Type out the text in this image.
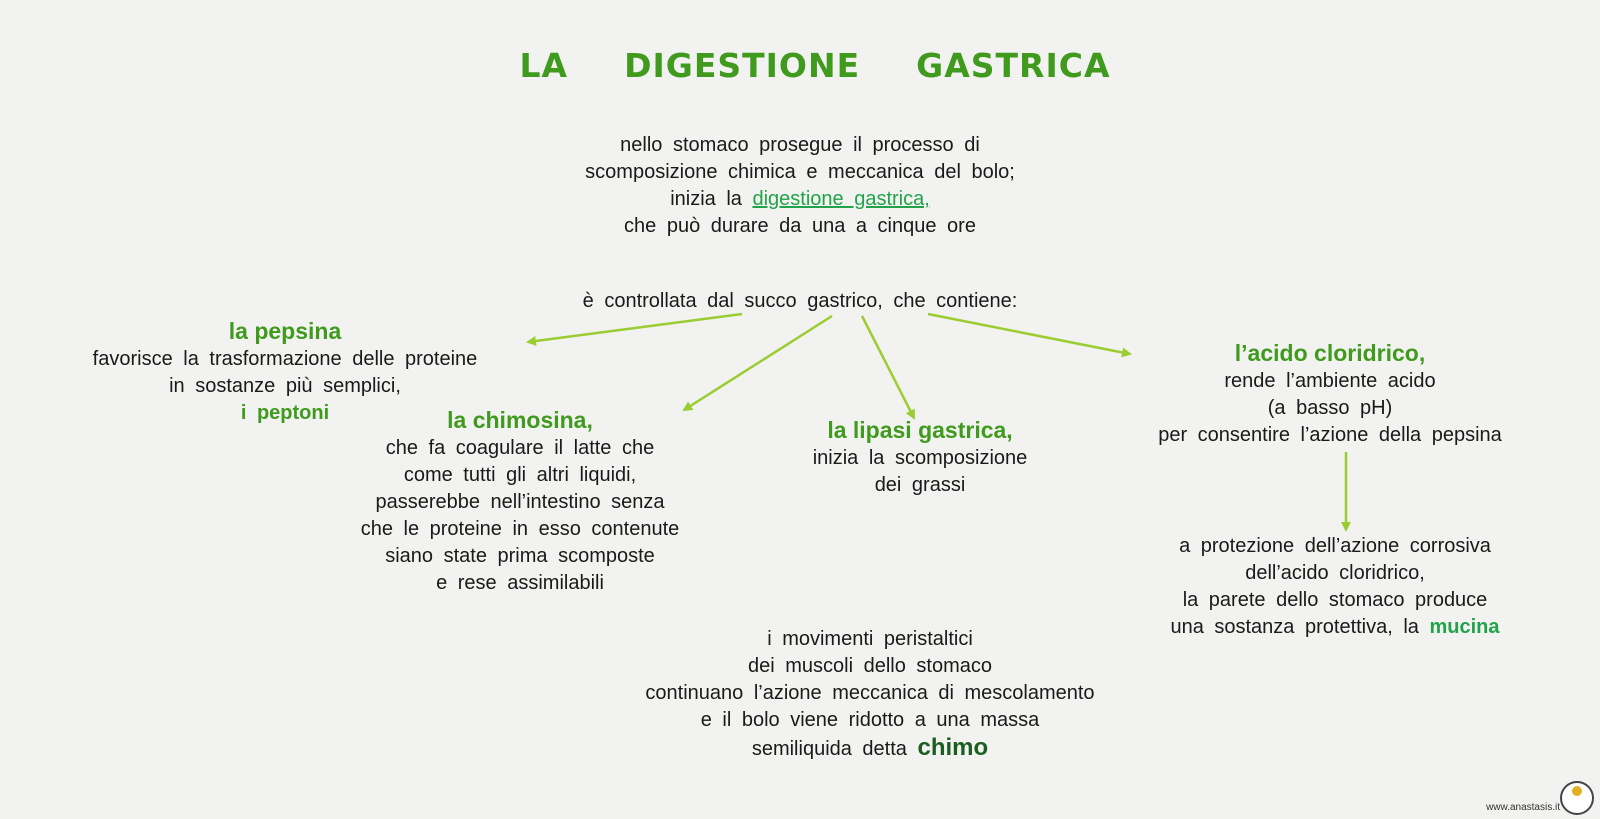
LA DIGESTIONE GASTRICA
nello stomaco prosegue il processo di
scomposizione chimica e meccanica del bolo;
inizia la digestione gastrica,
che può durare da una a cinque ore
è controllata dal succo gastrico, che contiene:
la pepsina
favorisce la trasformazione delle proteine
in sostanze più semplici,
i peptoni	la chimosina,
che fa coagulare il latte che
come tutti gli altri liquidi,
passerebbe nell’intestino senza
che le proteine in esso contenute
siano state prima scomposte
e rese assimilabili
la lipasi gastrica,
inizia la scomposizione
dei grassi
l’acido cloridrico,
rende l’ambiente acido
(a basso pH)
per consentire l’azione della pepsina
a protezione dell’azione corrosiva
dell’acido cloridrico,
la parete dello stomaco produce
una sostanza protettiva, la mucina
i movimenti peristaltici
dei muscoli dello stomaco
continuano l’azione meccanica di mescolamento
e il bolo viene ridotto a una massa
semiliquida detta chimo
www.anastasis.it
